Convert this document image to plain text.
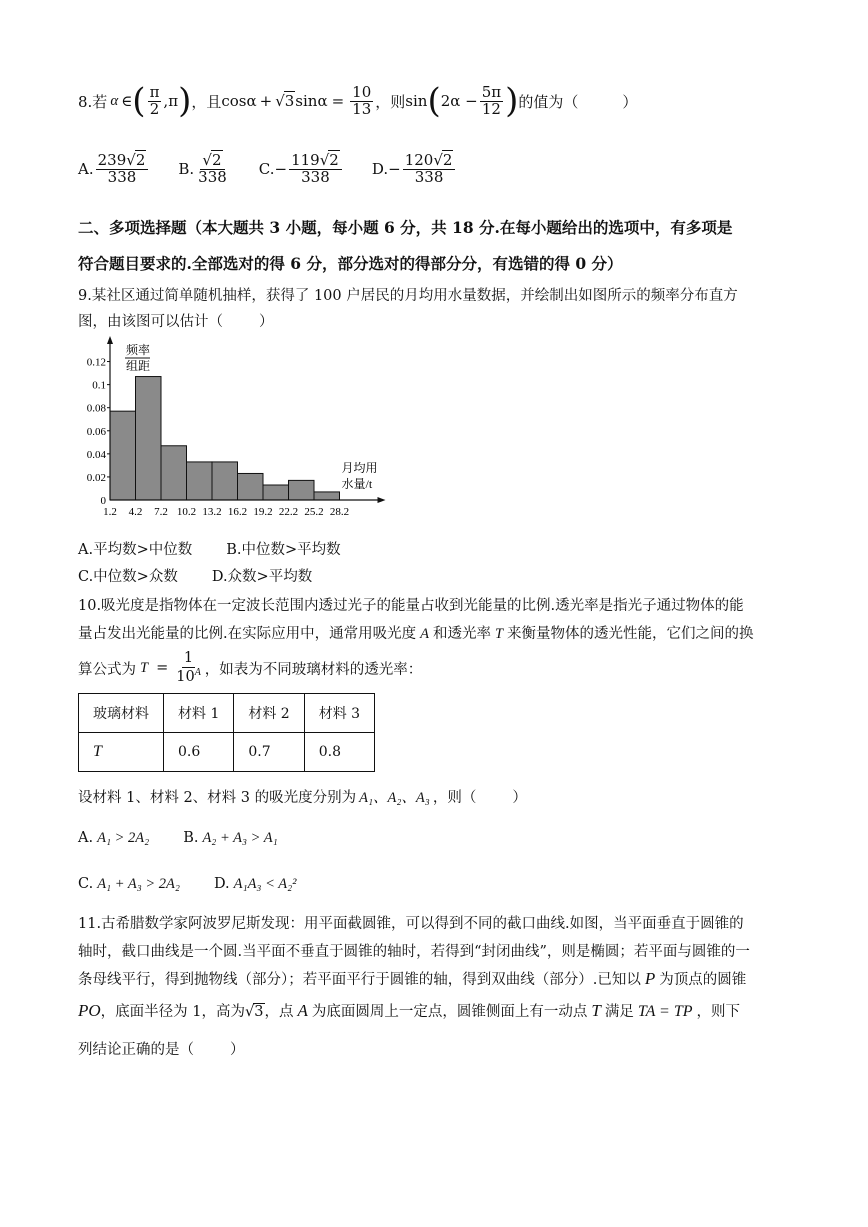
8.若 α ∈ ( $\frac{\pi}{2} ,\pi$ ) ，且 cosα + √3 $\sin\alpha = \frac{10}{13}$ ，则 sin ( $2\alpha - \frac{5\pi}{12}$ ) 的值为（	）
A. $\frac{239√2}{338} B$. $\frac{√2}{338} C$. − $\frac{119√2}{338} D$. − $\frac{120√2}{338}$
二、多项选择题（本大题共 3 小题，每小题 6 分，共 18 分.在每小题给出的选项中，有多项是
符合题目要求的.全部选对的得 6 分，部分选对的得部分分，有选错的得 0 分）
9.某社区通过简单随机抽样，获得了 100 户居民的月均用水量数据，并绘制出如图所示的频率分布直方
图，由该图可以估计（ ）
0.12
0.1
0.08
0.06
0.04
0.02
0
1.2 4.2 7.2 10.2 13.2 16.2 19.2 22.2 25.2 28.2
频率
组距
月均用
水量/t
A.平均数>中位数 B.中位数>平均数
C.中位数>众数 D.众数>平均数
10.吸光度是指物体在一定波长范围内透过光子的能量占收到光能量的比例.透光率是指光子通过物体的能
量占发出光能量的比例.在实际应用中，通常用吸光度 A 和透光率 T 来衡量物体的透光性能，它们之间的换
算公式为 $T = \frac{1}{10^A}$ ，如表为不同玻璃材料的透光率：
玻璃材料	材料 1	材料 2	材料 3
T	0.6	0.7	0.8
设材料 1、材料 2、材料 3 的吸光度分别为 A₁、A₂、A₃ ，则（ ）
A. A₁ > 2A₂ B. A₂ + A₃ > A₁
C. A₁ + A₃ > 2A₂ D. A₁A₃ < A₂²
11.古希腊数学家阿波罗尼斯发现：用平面截圆锥，可以得到不同的截口曲线.如图，当平面垂直于圆锥的
轴时，截口曲线是一个圆.当平面不垂直于圆锥的轴时，若得到“封闭曲线”，则是椭圆；若平面与圆锥的一
条母线平行，得到抛物线（部分）；若平面平行于圆锥的轴，得到双曲线（部分）.已知以 P 为顶点的圆锥
PO，底面半径为 1，高为√3，点 A 为底面圆周上一定点，圆锥侧面上有一动点 T 满足 TA = TP ，则下
列结论正确的是（ ）
